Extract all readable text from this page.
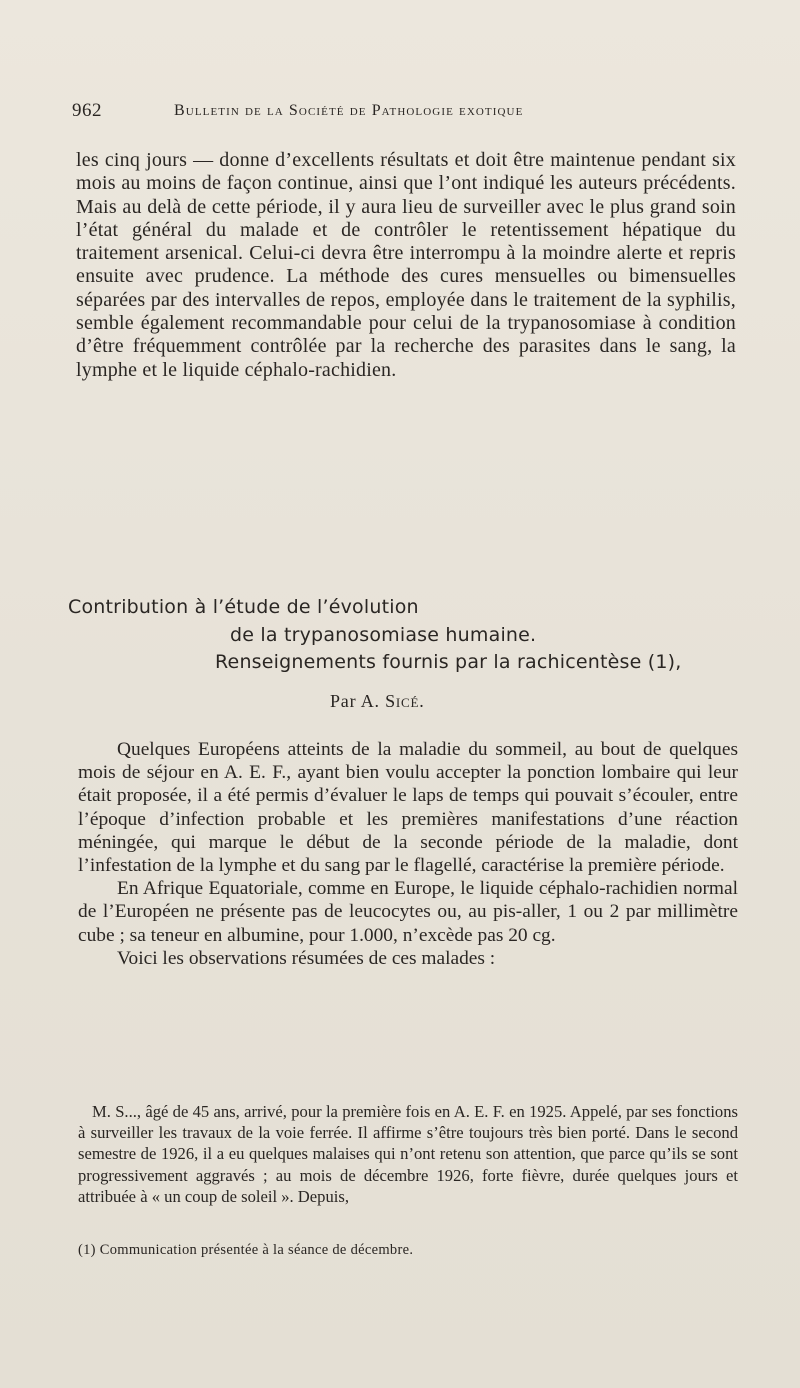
962	Bulletin de la Société de Pathologie exotique
les cinq jours — donne d’excellents résultats et doit être maintenue pendant six mois au moins de façon continue, ainsi que l’ont indiqué les auteurs précédents. Mais au delà de cette période, il y aura lieu de surveiller avec le plus grand soin l’état général du malade et de contrôler le retentissement hépatique du traitement arsenical. Celui-ci devra être interrompu à la moindre alerte et repris ensuite avec prudence. La méthode des cures mensuelles ou bimensuelles séparées par des intervalles de repos, employée dans le traitement de la syphilis, semble également recommandable pour celui de la trypanosomiase à condition d’être fréquemment contrôlée par la recherche des parasites dans le sang, la lymphe et le liquide céphalo-rachidien.
Contribution à l’étude de l’évolution
de la trypanosomiase humaine.
Renseignements fournis par la rachicentèse (1),
Par A. Sicé.

Quelques Européens atteints de la maladie du sommeil, au bout de quelques mois de séjour en A. E. F., ayant bien voulu accepter la ponction lombaire qui leur était proposée, il a été permis d’évaluer le laps de temps qui pouvait s’écouler, entre l’époque d’infection probable et les premières manifestations d’une réaction méningée, qui marque le début de la seconde période de la maladie, dont l’infestation de la lymphe et du sang par le flagellé, caractérise la première période.

En Afrique Equatoriale, comme en Europe, le liquide céphalo-rachidien normal de l’Européen ne présente pas de leucocytes ou, au pis-aller, 1 ou 2 par millimètre cube ; sa teneur en albumine, pour 1.000, n’excède pas 20 cg.

Voici les observations résumées de ces malades :

M. S..., âgé de 45 ans, arrivé, pour la première fois en A. E. F. en 1925. Appelé, par ses fonctions à surveiller les travaux de la voie ferrée. Il affirme s’être toujours très bien porté. Dans le second semestre de 1926, il a eu quelques malaises qui n’ont retenu son attention, que parce qu’ils se sont progressivement aggravés ; au mois de décembre 1926, forte fièvre, durée quelques jours et attribuée à « un coup de soleil ». Depuis,
(1) Communication présentée à la séance de décembre.
